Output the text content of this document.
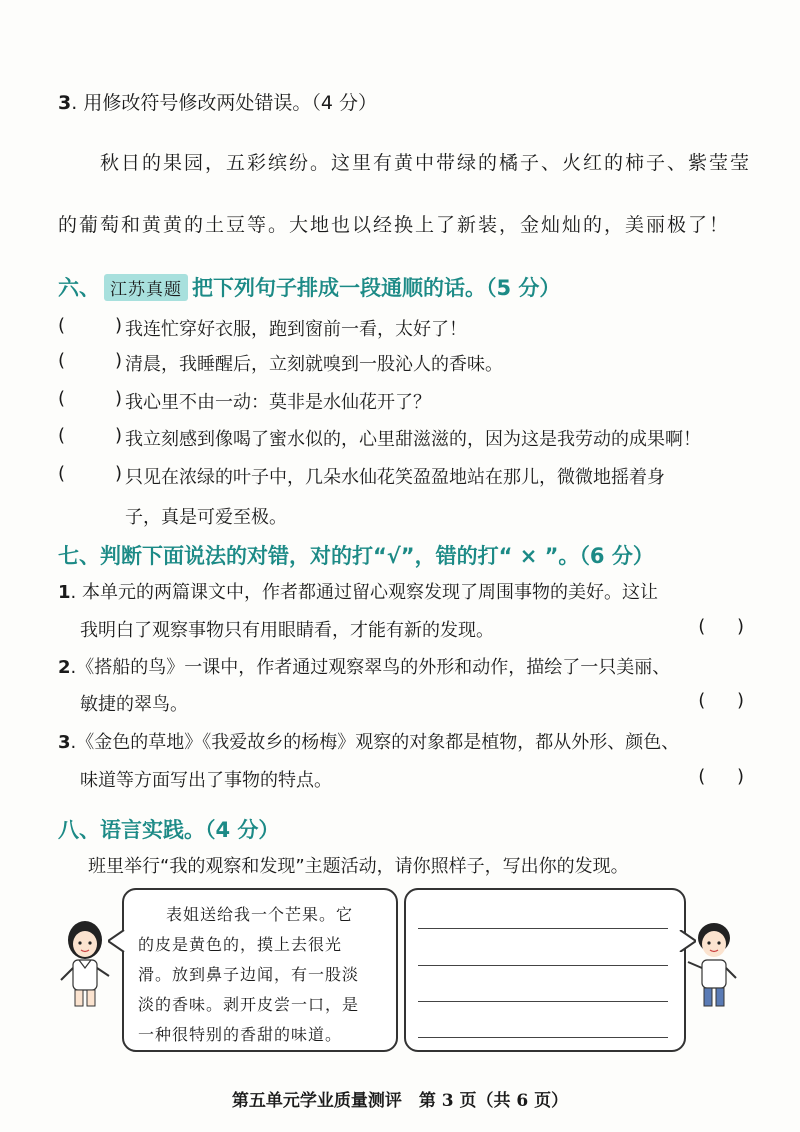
3. 用修改符号修改两处错误。（4 分）
秋日的果园，五彩缤纷。这里有黄中带绿的橘子、火红的柿子、紫莹莹
的葡萄和黄黄的土豆等。大地也以经换上了新装，金灿灿的，美丽极了！
六、 江苏真题 把下列句子排成一段通顺的话。（5 分）
(	) 我连忙穿好衣服，跑到窗前一看，太好了！
(	) 清晨，我睡醒后，立刻就嗅到一股沁人的香味。
(	) 我心里不由一动：莫非是水仙花开了？
(	) 我立刻感到像喝了蜜水似的，心里甜滋滋的，因为这是我劳动的成果啊！
(	) 只见在浓绿的叶子中，几朵水仙花笑盈盈地站在那儿，微微地摇着身
子，真是可爱至极。
七、判断下面说法的对错，对的打“√”，错的打“ × ”。（6 分）
1. 本单元的两篇课文中，作者都通过留心观察发现了周围事物的美好。这让
我明白了观察事物只有用眼睛看，才能有新的发现。	( )
2.《搭船的鸟》一课中，作者通过观察翠鸟的外形和动作，描绘了一只美丽、
敏捷的翠鸟。	( )
3.《金色的草地》《我爱故乡的杨梅》观察的对象都是植物，都从外形、颜色、
味道等方面写出了事物的特点。	( )
八、语言实践。（4 分）
班里举行“我的观察和发现”主题活动，请你照样子，写出你的发现。
表姐送给我一个芒果。它
的皮是黄色的，摸上去很光
滑。放到鼻子边闻，有一股淡
淡的香味。剥开皮尝一口，是
一种很特别的香甜的味道。
第五单元学业质量测评　第 3 页（共 6 页）
